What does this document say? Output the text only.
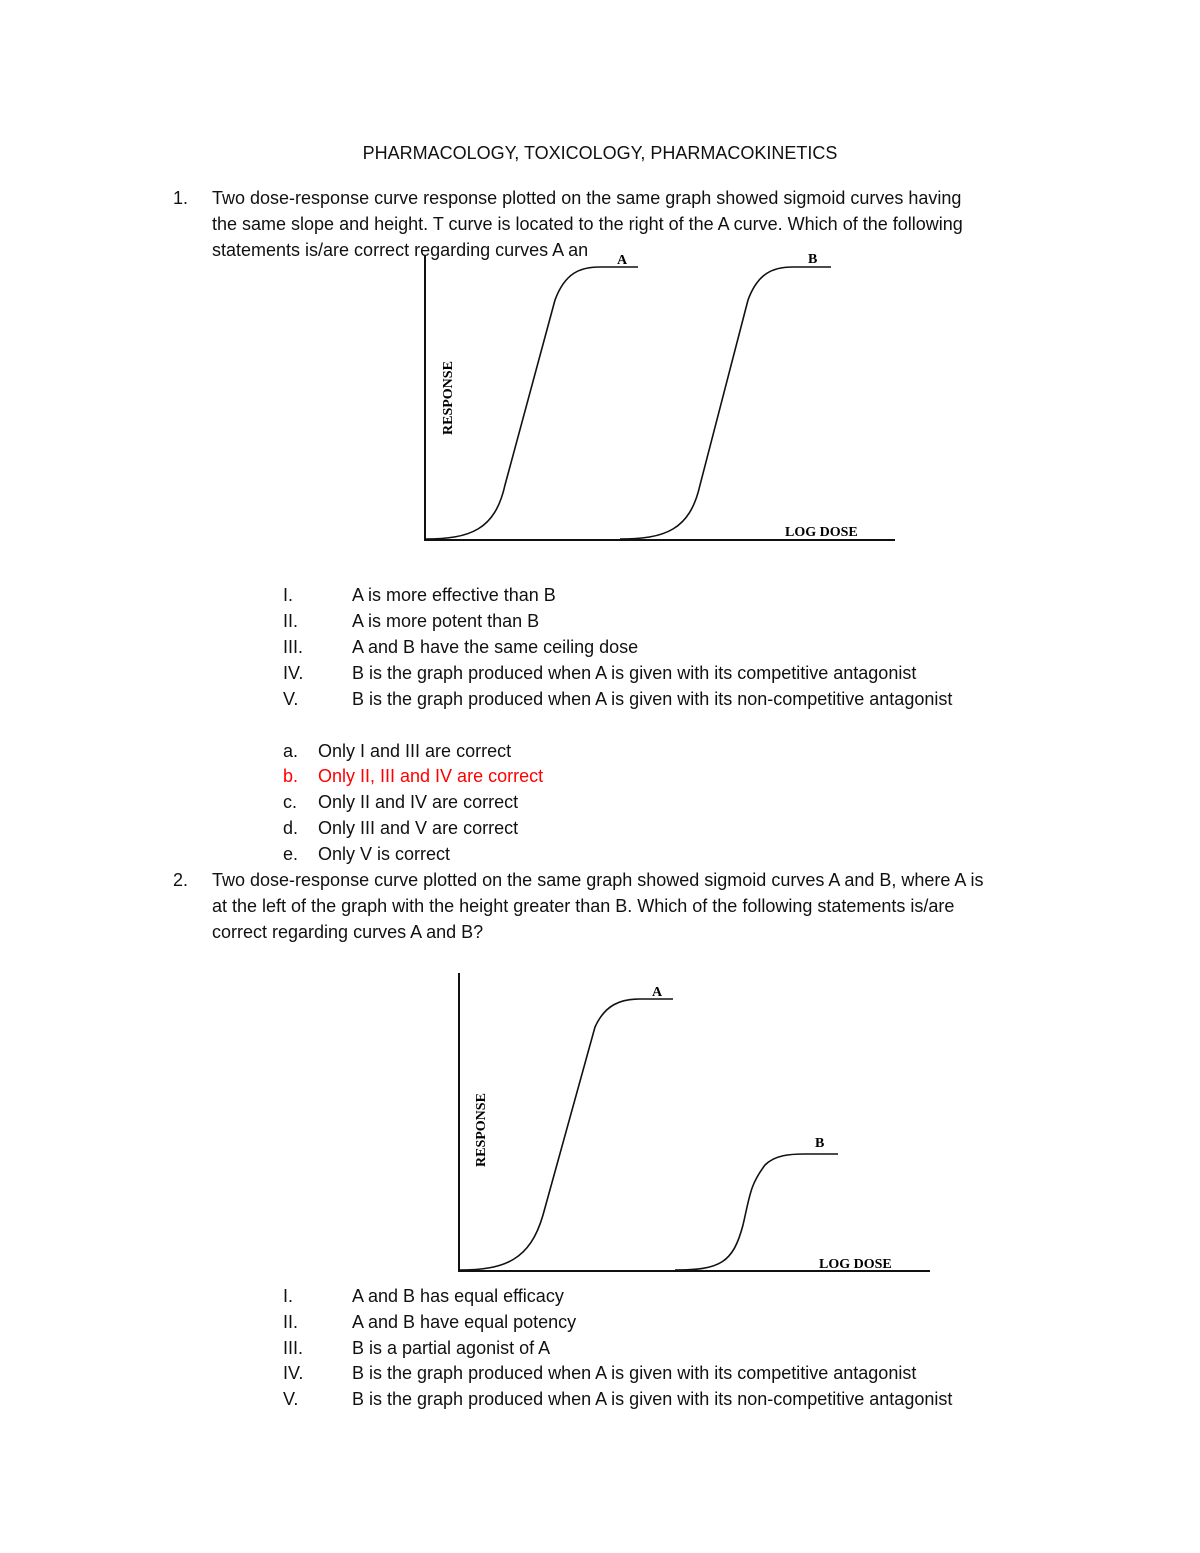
PHARMACOLOGY, TOXICOLOGY, PHARMACOKINETICS
1. Two dose-response curve response plotted on the same graph showed sigmoid curves having
the same slope and height. T curve is located to the right of the A curve. Which of the following
statements is/are correct regarding curves A an
A	B
LOG DOSE
RESPONSE
I.	A is more effective than B
II.	A is more potent than B
III.	A and B have the same ceiling dose
IV.	B is the graph produced when A is given with its competitive antagonist
V.	B is the graph produced when A is given with its non-competitive antagonist
a. Only I and III are correct
b. Only II, III and IV are correct
c. Only II and IV are correct
d. Only III and V are correct
e. Only V is correct
2. Two dose-response curve plotted on the same graph showed sigmoid curves A and B, where A is
at the left of the graph with the height greater than B. Which of the following statements is/are
correct regarding curves A and B?
A
B
LOG DOSE
RESPONSE
I.	A and B has equal efficacy
II.	A and B have equal potency
III.	B is a partial agonist of A
IV.	B is the graph produced when A is given with its competitive antagonist
V.	B is the graph produced when A is given with its non-competitive antagonist
